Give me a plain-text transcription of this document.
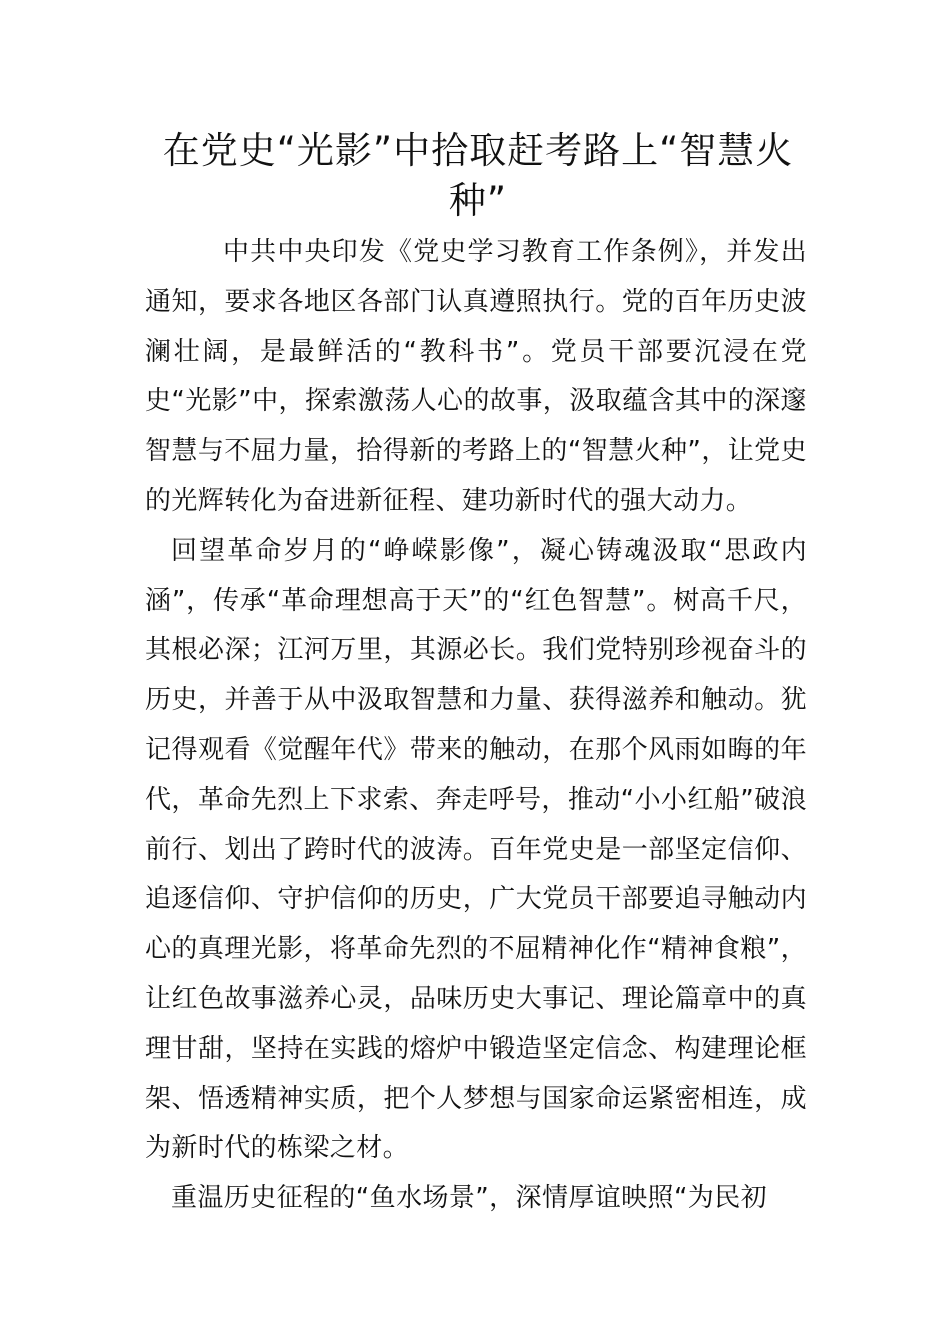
在党史“光影”中拾取赶考路上“智慧火种”

中共中央印发《党史学习教育工作条例》，并发出通知，要求各地区各部门认真遵照执行。党的百年历史波澜壮阔，是最鲜活的“教科书”。党员干部要沉浸在党史“光影”中，探索激荡人心的故事，汲取蕴含其中的深邃智慧与不屈力量，拾得新的考路上的“智慧火种”，让党史的光辉转化为奋进新征程、建功新时代的强大动力。

回望革命岁月的“峥嵘影像”，凝心铸魂汲取“思政内涵”，传承“革命理想高于天”的“红色智慧”。树高千尺，其根必深；江河万里，其源必长。我们党特别珍视奋斗的历史，并善于从中汲取智慧和力量、获得滋养和触动。犹记得观看《觉醒年代》带来的触动，在那个风雨如晦的年代，革命先烈上下求索、奔走呼号，推动“小小红船”破浪前行、划出了跨时代的波涛。百年党史是一部坚定信仰、追逐信仰、守护信仰的历史，广大党员干部要追寻触动内心的真理光影，将革命先烈的不屈精神化作“精神食粮”，让红色故事滋养心灵，品味历史大事记、理论篇章中的真理甘甜，坚持在实践的熔炉中锻造坚定信念、构建理论框架、悟透精神实质，把个人梦想与国家命运紧密相连，成为新时代的栋梁之材。

重温历史征程的“鱼水场景”，深情厚谊映照“为民初
